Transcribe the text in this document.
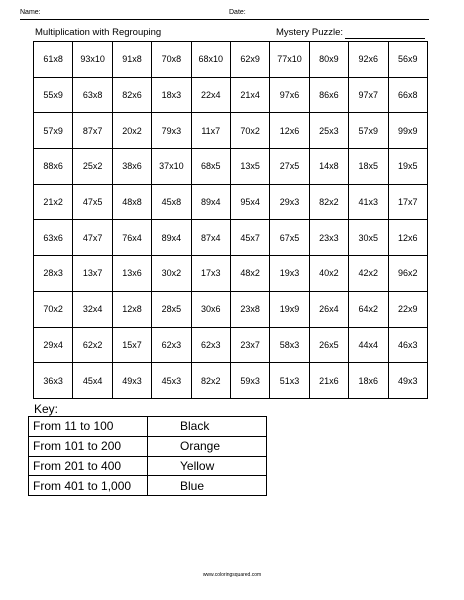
Name:	Date:
Multiplication with Regrouping	Mystery Puzzle:
61x8	93x10	91x8	70x8	68x10	62x9	77x10	80x9	92x6	56x9
55x9	63x8	82x6	18x3	22x4	21x4	97x6	86x6	97x7	66x8
57x9	87x7	20x2	79x3	11x7	70x2	12x6	25x3	57x9	99x9
88x6	25x2	38x6	37x10	68x5	13x5	27x5	14x8	18x5	19x5
21x2	47x5	48x8	45x8	89x4	95x4	29x3	82x2	41x3	17x7
63x6	47x7	76x4	89x4	87x4	45x7	67x5	23x3	30x5	12x6
28x3	13x7	13x6	30x2	17x3	48x2	19x3	40x2	42x2	96x2
70x2	32x4	12x8	28x5	30x6	23x8	19x9	26x4	64x2	22x9
29x4	62x2	15x7	62x3	62x3	23x7	58x3	26x5	44x4	46x3
36x3	45x4	49x3	45x3	82x2	59x3	51x3	21x6	18x6	49x3
Key:
From 11 to 100	Black
From 101 to 200	Orange
From 201 to 400	Yellow
From 401 to 1,000	Blue
www.coloringsquared.com
